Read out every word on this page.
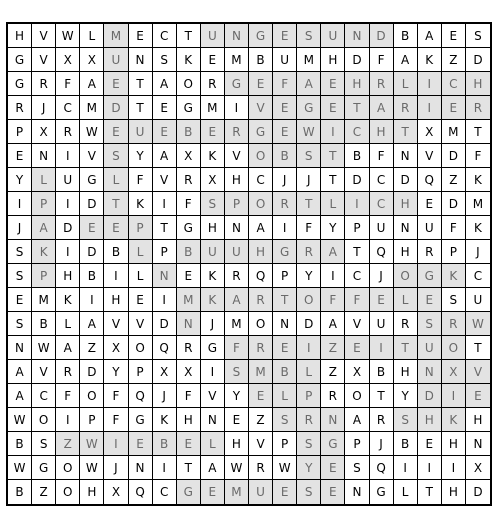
H	V	W	L	M	E	C	T	U	N	G	E	S	U	N	D	B	A	E	S
G	V	X	X	U	N	S	K	E	M	B	U	M	H	D	F	A	K	Z	D
G	R	F	A	E	T	A	O	R	G	E	F	A	E	H	R	L	I	C	H
R	J	C	M	D	T	E	G	M	I	V	E	G	E	T	A	R	I	E	R
P	X	R	W	E	U	E	B	E	R	G	E	W	I	C	H	T	X	M	T
E	N	I	V	S	Y	A	X	K	V	O	B	S	T	B	F	N	V	D	F
Y	L	U	G	L	F	V	R	X	H	C	J	J	T	D	C	D	Q	Z	K
I	P	I	D	T	K	I	F	S	P	O	R	T	L	I	C	H	E	D	M
J	A	D	E	E	P	T	G	H	N	A	I	F	Y	P	U	N	U	F	K
S	K	I	D	B	L	P	B	U	U	H	G	R	A	T	Q	H	R	P	J
S	P	H	B	I	L	N	E	K	R	Q	P	Y	I	C	J	O	G	K	C
E	M	K	I	H	E	I	M	K	A	R	T	O	F	F	E	L	E	S	U
S	B	L	A	V	V	D	N	J	M	O	N	D	A	V	U	R	S	R	W
N	W	A	Z	X	O	Q	R	G	F	R	E	I	Z	E	I	T	U	O	T
A	V	R	D	Y	P	X	X	I	S	M	B	L	Z	X	B	H	N	X	V
A	C	F	O	F	Q	J	F	V	Y	E	L	P	R	O	T	Y	D	I	E
W	O	I	P	F	G	K	H	N	E	Z	S	R	N	A	R	S	H	K	H
B	S	Z	W	I	E	B	E	L	H	V	P	S	G	P	J	B	E	H	N
W	G	O	W	J	N	I	T	A	W	R	W	Y	E	S	Q	I	I	I	X
B	Z	O	H	X	Q	C	G	E	M	U	E	S	E	N	G	L	T	H	D
